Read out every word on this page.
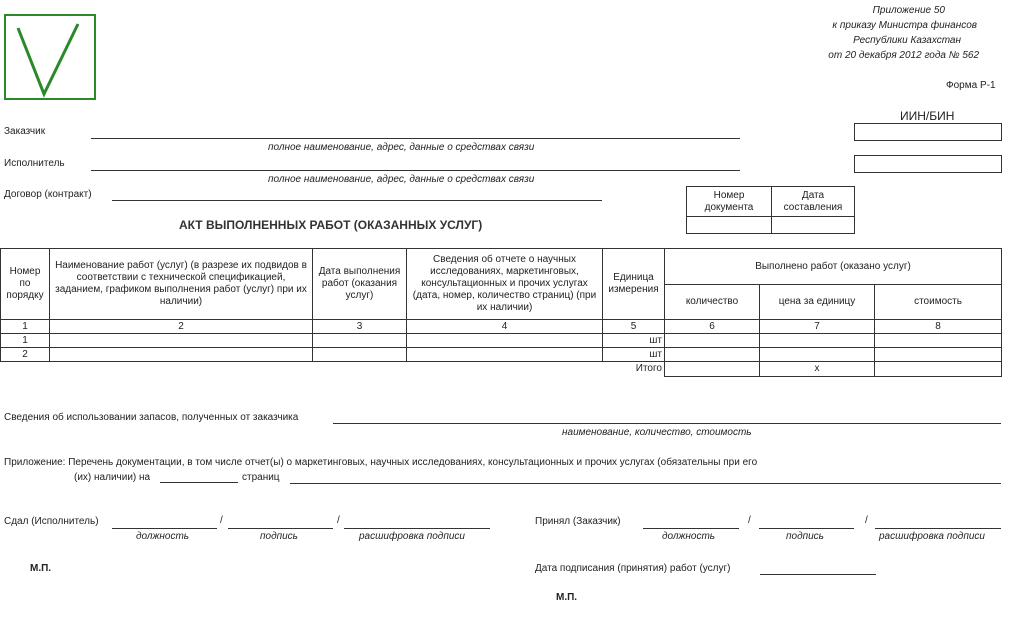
Приложение 50
к приказу Министра финансов
Республики Казахстан
от 20 декабря 2012 года № 562
Форма Р-1
ИИН/БИН
Заказчик
полное наименование, адрес, данные о средствах связи
Исполнитель
полное наименование, адрес, данные о средствах связи
Договор (контракт)	Номер документа	Дата составления

АКТ ВЫПОЛНЕННЫХ РАБОТ (ОКАЗАННЫХ УСЛУГ)
Номер по порядку	Наименование работ (услуг) (в разрезе их подвидов в соответствии с технической спецификацией, заданием, графиком выполнения работ (услуг) при их наличии)	Дата выполнения работ (оказания услуг)	Сведения об отчете о научных исследованиях, маркетинговых, консультационных и прочих услугах (дата, номер, количество страниц) (при их наличии)	Единица измерения	Выполнено работ (оказано услуг)		
					количество	цена за единицу	стоимость
1	2	3	4	5	6	7	8
1				шт			
2				шт			
Итого						х	
Сведения об использовании запасов, полученных от заказчика
наименование, количество, стоимость
Приложение: Перечень документации, в том числе отчет(ы) о маркетинговых, научных исследованиях, консультационных и прочих услугах (обязательны при его
(их) наличии) на	страниц
Сдал (Исполнитель)	/	/
должность	подпись	расшифровка подписи
Принял (Заказчик)	/	/
должность	подпись	расшифровка подписи
М.П.	Дата подписания (принятия) работ (услуг)
М.П.
